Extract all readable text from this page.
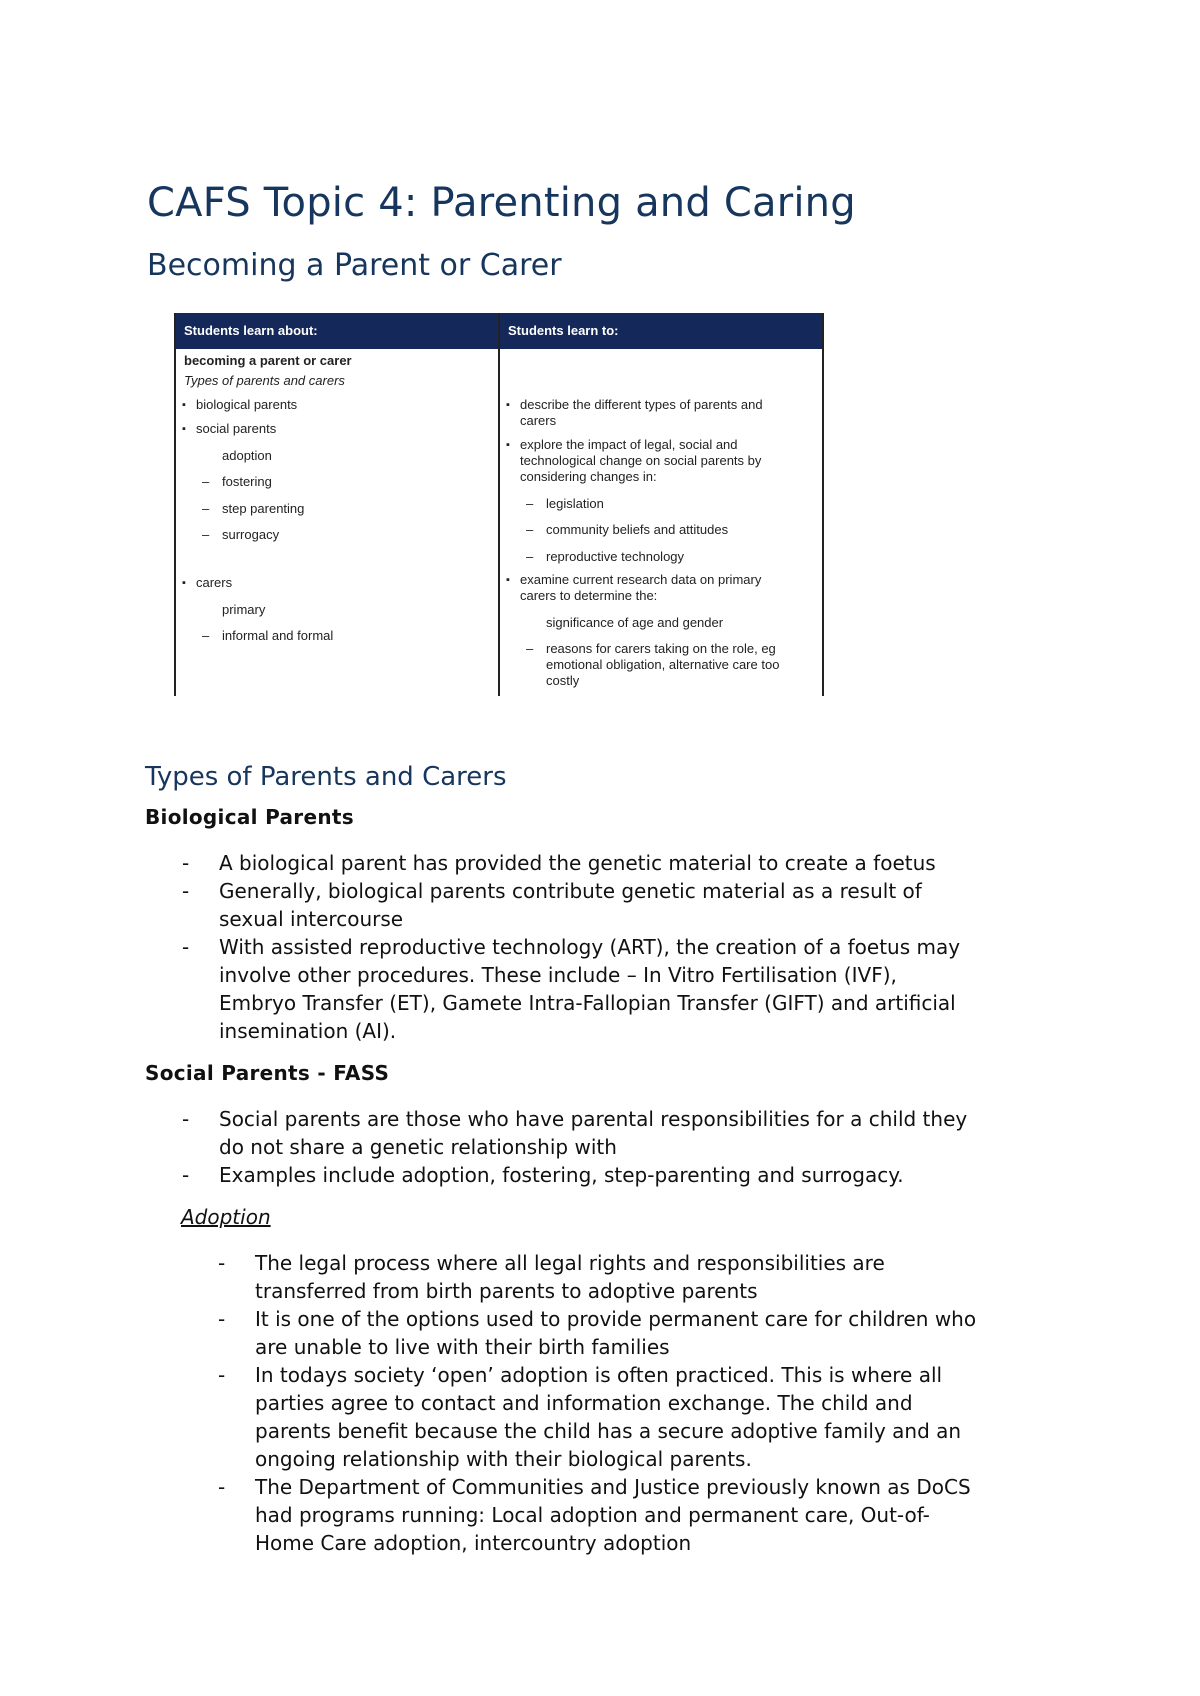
CAFS Topic 4: Parenting and Caring
Becoming a Parent or Carer
Students learn about:	Students learn to:
becoming a parent or carer
Types of parents and carers
▪ biological parents
▪ social parents
adoption
– fostering
– step parenting
– surrogacy
▪ carers
primary
– informal and formal
▪ describe the different types of parents and
carers
▪ explore the impact of legal, social and
technological change on social parents by
considering changes in:
– legislation
– community beliefs and attitudes
– reproductive technology
▪ examine current research data on primary
carers to determine the:
significance of age and gender
– reasons for carers taking on the role, eg
emotional obligation, alternative care too
costly
Types of Parents and Carers
Biological Parents
- A biological parent has provided the genetic material to create a foetus
- Generally, biological parents contribute genetic material as a result of
sexual intercourse
- With assisted reproductive technology (ART), the creation of a foetus may
involve other procedures. These include – In Vitro Fertilisation (IVF),
Embryo Transfer (ET), Gamete Intra-Fallopian Transfer (GIFT) and artificial
insemination (AI).
Social Parents - FASS
- Social parents are those who have parental responsibilities for a child they
do not share a genetic relationship with
- Examples include adoption, fostering, step-parenting and surrogacy.
Adoption
- The legal process where all legal rights and responsibilities are
transferred from birth parents to adoptive parents
- It is one of the options used to provide permanent care for children who
are unable to live with their birth families
- In todays society ‘open’ adoption is often practiced. This is where all
parties agree to contact and information exchange. The child and
parents benefit because the child has a secure adoptive family and an
ongoing relationship with their biological parents.
- The Department of Communities and Justice previously known as DoCS
had programs running: Local adoption and permanent care, Out-of-
Home Care adoption, intercountry adoption
